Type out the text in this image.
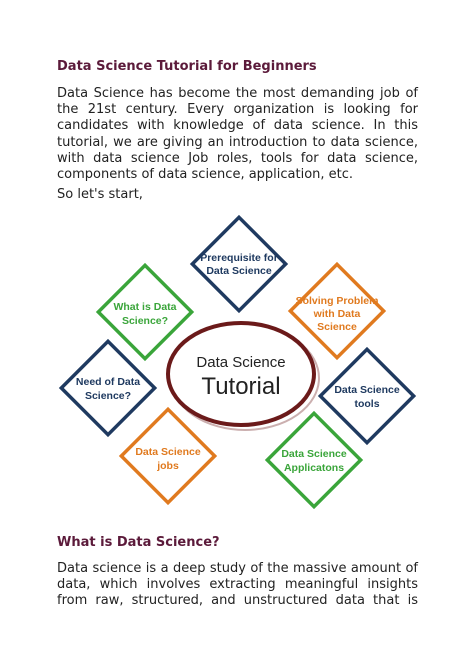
Data Science Tutorial for Beginners
Data Science has become the most demanding job of
the 21st century. Every organization is looking for
candidates with knowledge of data science. In this
tutorial, we are giving an introduction to data science,
with data science Job roles, tools for data science,
components of data science, application, etc.
So let's start,
Prerequisite for
Data Science
What is Data
Science?
Solving Problem
with Data
Science
Need of Data
Science?	Data Science
tools
Data Science
jobs
Data Science
Applicatons
Data Science
Tutorial
What is Data Science?
Data science is a deep study of the massive amount of
data, which involves extracting meaningful insights
from raw, structured, and unstructured data that is
